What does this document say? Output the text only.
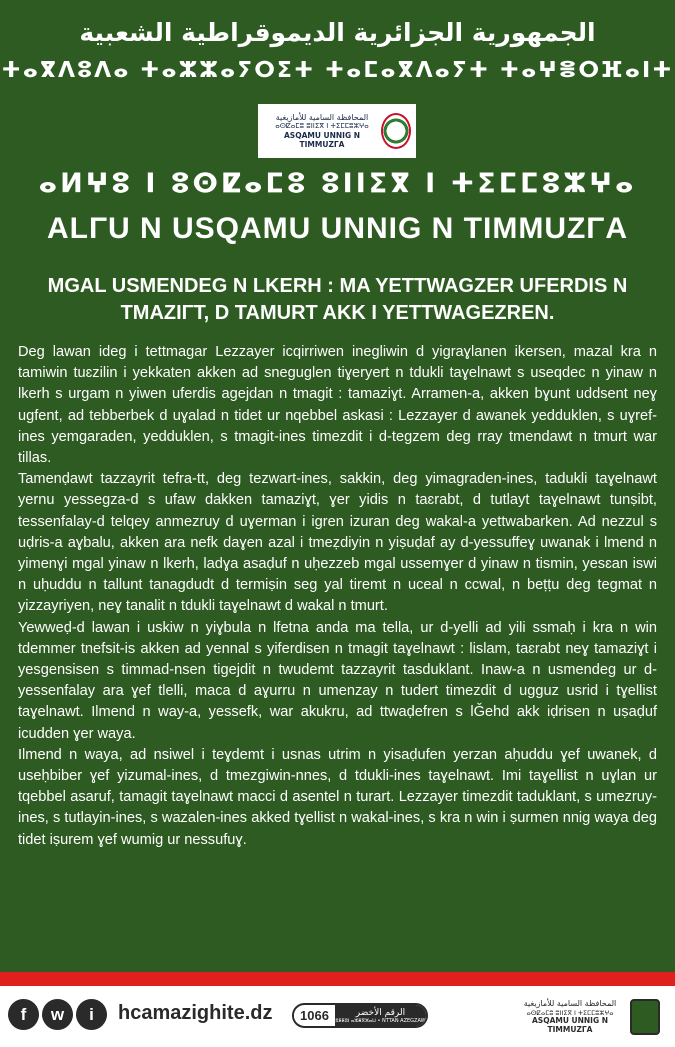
الجمهورية الجزائرية الديموقراطية الشعبية
ⵜⴰⴳⴷⵓⴷⴰ ⵜⴰⵣⵣⴰⵢⵔⵉⵜ ⵜⴰⵎⴰⴳⴷⴰⵢⵜ ⵜⴰⵖⴻⵔⴼⴰⵏⵜ
المحافظة السامية للأمازيغية
ⴰⵙⵇⴰⵎⵓ ⵓⵏⵏⵉⴳ ⵏ ⵜⵉⵎⵎⵓⵣⵖⴰ
ASQAMU UNNIG N TIMMUZΓA
ⴰⵍⵖⵓ ⵏ ⵓⵙⵇⴰⵎⵓ ⵓⵏⵏⵉⴳ ⵏ ⵜⵉⵎⵎⵓⵣⵖⴰ
ALΓU N USQAMU UNNIG N TIMMUZΓA
MGAL USMENDEG N LKERH : MA YETTWAGZER UFERDIS N TMAZIΓT, D TAMURT AKK I YETTWAGEZREN.

Deg lawan ideg i tettmagar Lezzayer icqirriwen inegliwin d yigraɣlanen ikersen, mazal kra n tamiwin tuɛzilin i yekkaten akken ad sneguglen tiɣeryert n tdukli taɣelnawt s useqdec n yinaw n lkerh s urgam n yiwen uferdis agejdan n tmagit : tamaziɣt. Arramen-a, akken bɣunt uddsent neɣ ugfent, ad tebberbek d uɣalad n tidet ur nqebbel askasi : Lezzayer d awanek yedduklen, s uɣref-ines yemgaraden, yedduklen, s tmagit-ines timezdit i d-tegzem deg rray tmendawt n tmurt war tillas.

Tamenḍawt tazzayrit tefra-tt, deg tezwart-ines, sakkin, deg yimagraden-ines, tadukli taɣelnawt yernu yessegza-d s ufaw dakken tamaziɣt, ɣer yidis n taɛrabt, d tutlayt taɣelnawt tunṣibt, tessenfalay-d telqey anmezruy d uɣerman i igren izuran deg wakal-a yettwabarken. Ad nezzul s uḍris-a aɣbalu, akken ara nefk daɣen azal i tmeẓdiyin n yiṣuḍaf ay d-yessuffeɣ uwanak i lmend n yimenɣi mgal yinaw n lkerh, ladɣa asaḍuf n uḥezzeb mgal ussemɣer d yinaw n tismin, yesɛan iswi n uḥuddu n tallunt tanagdudt d termiṣin seg yal tiremt n uceal n ccwal, n beṭṭu deg tegmat n yizzayriyen, neɣ tanalit n tdukli taɣelnawt d wakal n tmurt.

Yewweḍ-d lawan i uskiw n yiɣbula n lfetna anda ma tella, ur d-yelli ad yili ssmaḥ i kra n win tdemmer tnefsit-is akken ad yennal s yiferdisen n tmagit taɣelnawt : lislam, taɛrabt neɣ tamaziɣt i yesgensisen s timmad-nsen tigejdit n twudemt tazzayrit tasduklant. Inaw-a n usmendeg ur d-yessenfalay ara ɣef tlelli, maca d aɣurru n umenzay n tudert timezdit d ugguz usrid i tɣellist taɣelnawt. Ilmend n way-a, yessefk, war akukru, ad ttwaḍefren s lǦehd akk iḍrisen n uṣaḍuf icudden ɣer waya.

Ilmend n waya, ad nsiwel i teɣdemt i usnas utrim n yisaḍufen yerzan aḥuddu ɣef uwanek, d useḥbiber ɣef yizumal-ines, d tmezgiwin-nnes, d tdukli-ines taɣelnawt. Imi taɣellist n uɣlan ur tqebbel asaruf, tamagit taɣelnawt macci d asentel n turart. Lezzayer timezdit taduklant, s umezruy-ines, s tutlayin-ines, s wazalen-ines akked tɣellist n wakal-ines, s kra n win i ṣurmen nnig waya deg tidet iṣurem ɣef wumig ur nessufuɣ.

f	w	i	hcamazighite.dz	1066	الرقم الأخضر
ⵓⵟⵟⵓⵏ ⴰⵣⴻⴳⵣⴰⵡ • NTTAN AZEGZAW
المحافظة السامية للأمازيغية
ⴰⵙⵇⴰⵎⵓ ⵓⵏⵏⵉⴳ ⵏ ⵜⵉⵎⵎⵓⵣⵖⴰ
ASQAMU UNNIG N TIMMUZΓA
